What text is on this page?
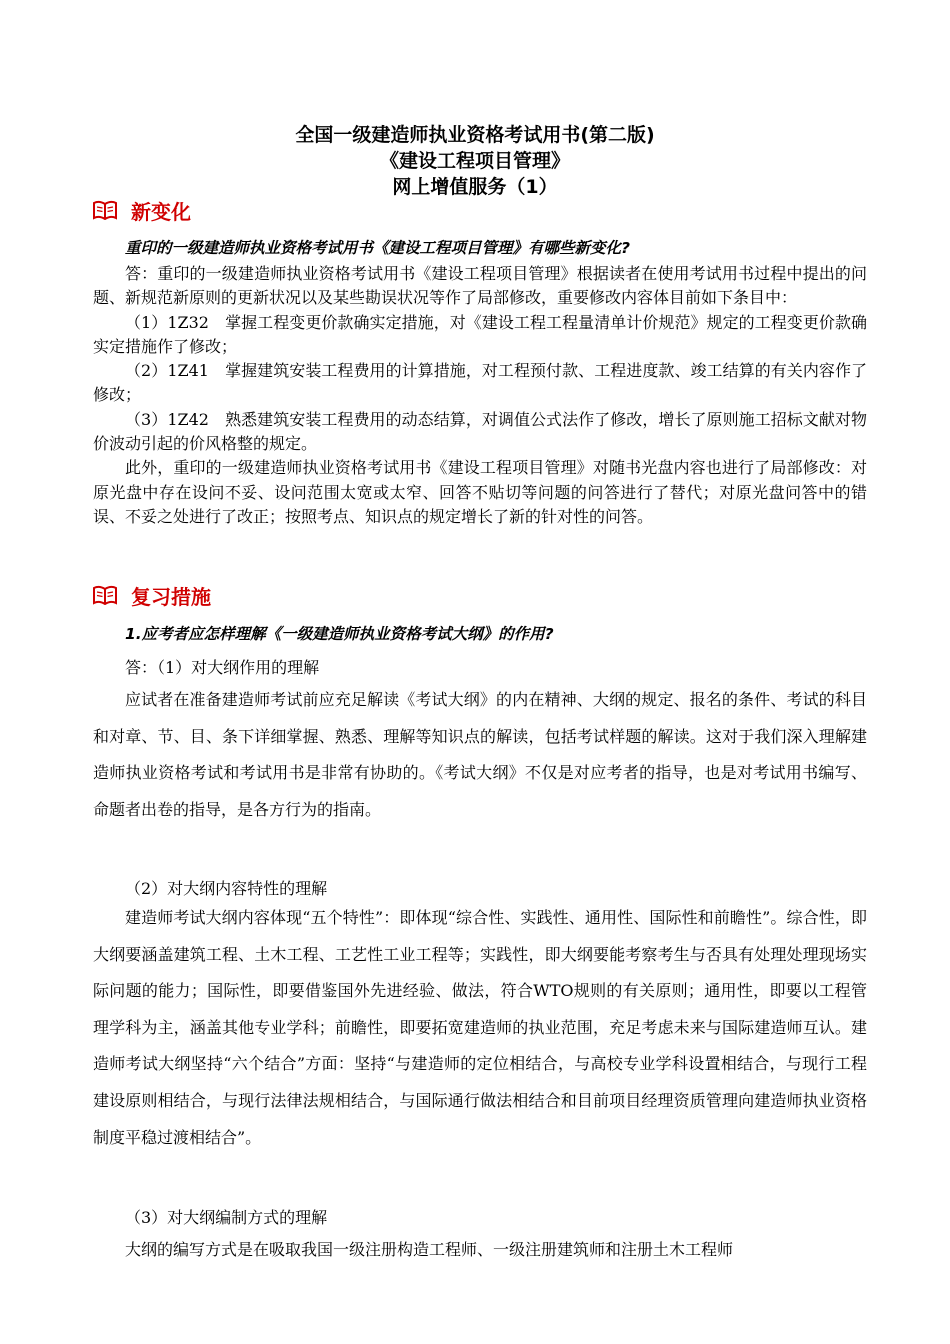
全国一级建造师执业资格考试用书(第二版)
《建设工程项目管理》
网上增值服务（1）
新变化
重印的一级建造师执业资格考试用书《建设工程项目管理》有哪些新变化?

答：重印的一级建造师执业资格考试用书《建设工程项目管理》根据读者在使用考试用书过程中提出的问题、新规范新原则的更新状况以及某些勘误状况等作了局部修改，重要修改内容体目前如下条目中：

（1）1Z32　掌握工程变更价款确实定措施，对《建设工程工程量清单计价规范》规定的工程变更价款确实定措施作了修改；

（2）1Z41　掌握建筑安装工程费用的计算措施，对工程预付款、工程进度款、竣工结算的有关内容作了修改；

（3）1Z42　熟悉建筑安装工程费用的动态结算，对调值公式法作了修改，增长了原则施工招标文献对物价波动引起的价风格整的规定。

此外，重印的一级建造师执业资格考试用书《建设工程项目管理》对随书光盘内容也进行了局部修改：对原光盘中存在设问不妥、设问范围太宽或太窄、回答不贴切等问题的问答进行了替代；对原光盘问答中的错误、不妥之处进行了改正；按照考点、知识点的规定增长了新的针对性的问答。

复习措施
1.应考者应怎样理解《一级建造师执业资格考试大纲》的作用?
答：（1）对大纲作用的理解

应试者在准备建造师考试前应充足解读《考试大纲》的内在精神、大纲的规定、报名的条件、考试的科目和对章、节、目、条下详细掌握、熟悉、理解等知识点的解读，包括考试样题的解读。这对于我们深入理解建造师执业资格考试和考试用书是非常有协助的。《考试大纲》不仅是对应考者的指导，也是对考试用书编写、命题者出卷的指导，是各方行为的指南。

（2）对大纲内容特性的理解

建造师考试大纲内容体现“五个特性”：即体现“综合性、实践性、通用性、国际性和前瞻性”。综合性，即大纲要涵盖建筑工程、土木工程、工艺性工业工程等；实践性，即大纲要能考察考生与否具有处理处理现场实际问题的能力；国际性，即要借鉴国外先进经验、做法，符合WTO规则的有关原则；通用性，即要以工程管理学科为主，涵盖其他专业学科；前瞻性，即要拓宽建造师的执业范围，充足考虑未来与国际建造师互认。建造师考试大纲坚持“六个结合”方面：坚持“与建造师的定位相结合，与高校专业学科设置相结合，与现行工程建设原则相结合，与现行法律法规相结合，与国际通行做法相结合和目前项目经理资质管理向建造师执业资格制度平稳过渡相结合”。

（3）对大纲编制方式的理解

大纲的编写方式是在吸取我国一级注册构造工程师、一级注册建筑师和注册土木工程师
